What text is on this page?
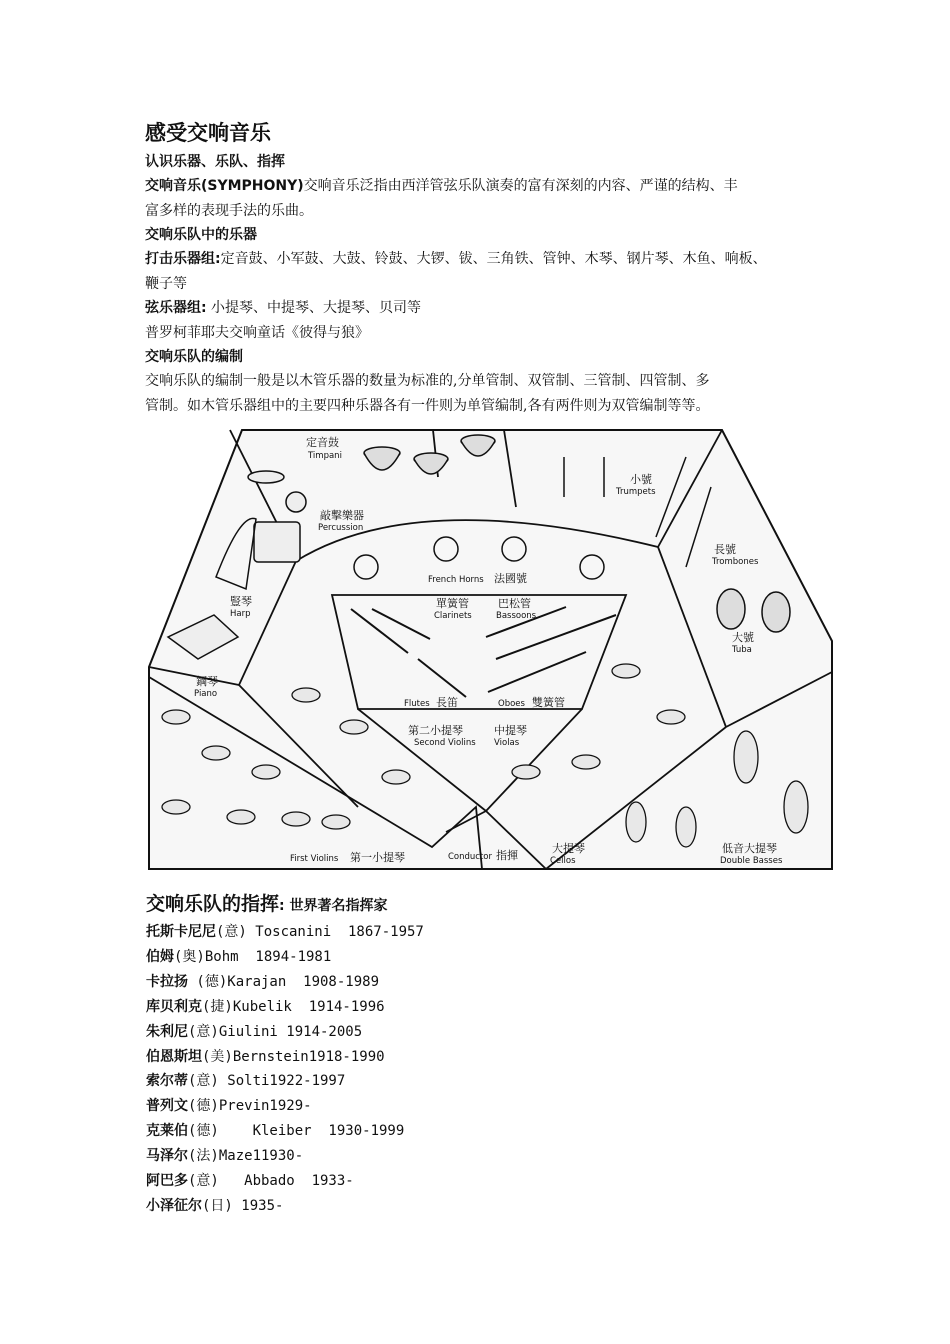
感受交响音乐
认识乐器、乐队、指挥
交响音乐(SYMPHONY)交响音乐泛指由西洋管弦乐队演奏的富有深刻的内容、严谨的结构、丰
富多样的表现手法的乐曲。
交响乐队中的乐器
打击乐器组:定音鼓、小军鼓、大鼓、铃鼓、大锣、钹、三角铁、管钟、木琴、钢片琴、木鱼、响板、
鞭子等
弦乐器组: 小提琴、中提琴、大提琴、贝司等
普罗柯菲耶夫交响童话《彼得与狼》
交响乐队的编制
交响乐队的编制一般是以木管乐器的数量为标准的,分单管制、双管制、三管制、四管制、多
管制。如木管乐器组中的主要四种乐器各有一件则为单管编制,各有两件则为双管编制等等。
定音鼓
Timpani
敲擊樂器
Percussion
小號
Trumpets
長號
Trombones
大號
Tuba
豎琴
Harp
鋼琴
Piano
法國號
French Horns
單簧管
Clarinets
巴松管
Bassoons
長笛
Flutes	雙簧管
Oboes
第二小提琴
Second Violins
中提琴
Violas
第一小提琴
First Violins	指揮
Conductor
大提琴
Cellos
低音大提琴
Double Basses
交响乐队的指挥: 世界著名指挥家
托斯卡尼尼(意) Toscanini  1867-1957
伯姆(奥)Bohm  1894-1981
卡拉扬 (德)Karajan  1908-1989
库贝利克(捷)Kubelik  1914-1996
朱利尼(意)Giulini 1914-2005
伯恩斯坦(美)Bernstein1918-1990
索尔蒂(意) Solti1922-1997
普列文(德)Previn1929-
克莱伯(德)    Kleiber  1930-1999
马泽尔(法)Maze11930-
阿巴多(意)   Abbado  1933-
小泽征尔(日) 1935-
